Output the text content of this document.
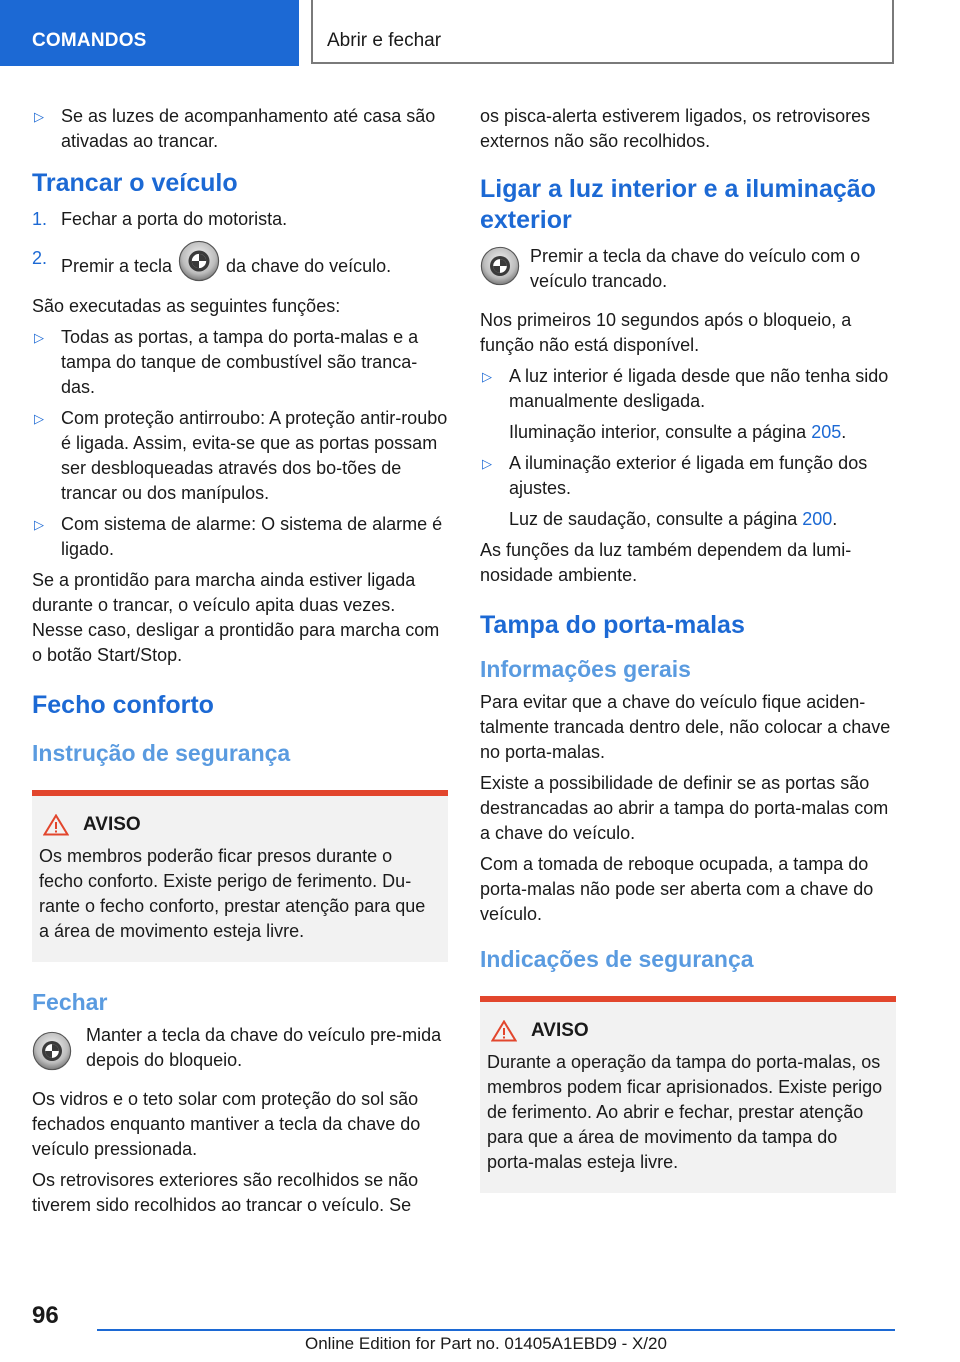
COMANDOS	Abrir e fechar
▷ Se as luzes de acompanhamento até casa são ativadas ao trancar.
Trancar o veículo
1. Fechar a porta do motorista.
2. Premir a tecla	da chave do veículo.

São executadas as seguintes funções:

▷ Todas as portas, a tampa do porta-malas e a tampa do tanque de combustível são tranca-das.
▷ Com proteção antirroubo: A proteção antir-roubo é ligada. Assim, evita-se que as portas possam ser desbloqueadas através dos bo-tões de trancar ou dos manípulos.
▷ Com sistema de alarme: O sistema de alarme é ligado.

Se a prontidão para marcha ainda estiver ligada durante o trancar, o veículo apita duas vezes. Nesse caso, desligar a prontidão para marcha com o botão Start/Stop.

Fecho conforto
Instrução de segurança
AVISO

Os membros poderão ficar presos durante o fecho conforto. Existe perigo de ferimento. Du-rante o fecho conforto, prestar atenção para que a área de movimento esteja livre.

Fechar
Manter a tecla da chave do veículo pre-mida depois do bloqueio.

Os vidros e o teto solar com proteção do sol são fechados enquanto mantiver a tecla da chave do veículo pressionada.

Os retrovisores exteriores são recolhidos se não tiverem sido recolhidos ao trancar o veículo. Se

os pisca-alerta estiverem ligados, os retrovisores externos não são recolhidos.

Ligar a luz interior e a iluminação exterior
Premir a tecla da chave do veículo com o veículo trancado.

Nos primeiros 10 segundos após o bloqueio, a função não está disponível.

▷ A luz interior é ligada desde que não tenha sido manualmente desligada.
Iluminação interior, consulte a página 205.
▷ A iluminação exterior é ligada em função dos ajustes.
Luz de saudação, consulte a página 200.

As funções da luz também dependem da lumi-nosidade ambiente.

Tampa do porta-malas
Informações gerais

Para evitar que a chave do veículo fique aciden-talmente trancada dentro dele, não colocar a chave no porta-malas.

Existe a possibilidade de definir se as portas são destrancadas ao abrir a tampa do porta-malas com a chave do veículo.

Com a tomada de reboque ocupada, a tampa do porta-malas não pode ser aberta com a chave do veículo.

Indicações de segurança
AVISO

Durante a operação da tampa do porta-malas, os membros podem ficar aprisionados. Existe perigo de ferimento. Ao abrir e fechar, prestar atenção para que a área de movimento da tampa do porta-malas esteja livre.

96
Online Edition for Part no. 01405A1EBD9 - X/20
